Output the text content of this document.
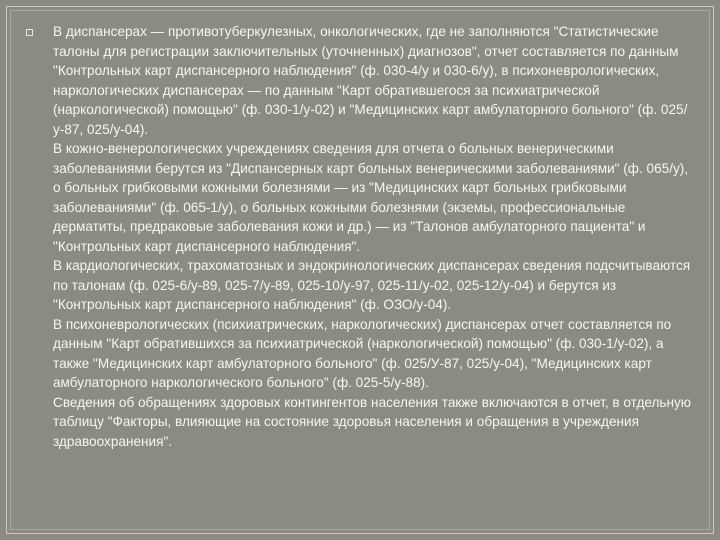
В диспансерах — противотуберкулезных, онкологических, где не заполняются "Статистические талоны для регистрации заключительных (уточненных) диагнозов", отчет составляется по данным "Контрольных карт диспансерного наблюдения" (ф. 030-4/у и 030-6/у), в психоневрологических, наркологических диспансерах — по данным "Карт обратившегося за психиатрической (наркологической) помощью" (ф. 030-1/у-02) и "Медицинских карт амбулаторного больного" (ф. 025/у-87, 025/у-04).

В кожно-венерологических учреждениях сведения для отчета о больных венерическими заболеваниями берутся из "Диспансерных карт больных венерическими заболеваниями" (ф. 065/у), о больных грибковыми кожными болезнями — из "Медицинских карт больных грибковыми заболеваниями" (ф. 065-1/у), о больных кожными болезнями (экземы, профессиональные дерматиты, предраковые заболевания кожи и др.) — из "Талонов амбулаторного пациента" и "Контрольных карт диспансерного наблюдения".

В кардиологических, трахоматозных и эндокринологических диспансерах сведения подсчитываются по талонам (ф. 025-6/у-89, 025-7/у-89, 025-10/у-97, 025-11/у-02, 025-12/у-04) и берутся из "Контрольных карт диспансерного наблюдения" (ф. ОЗО/у-04).

В психоневрологических (психиатрических, наркологических) диспансерах отчет составляется по данным "Карт обратившихся за психиатрической (наркологической) помощью" (ф. 030-1/у-02), а также "Медицинских карт амбулаторного больного" (ф. 025/У-87, 025/у-04), "Медицинских карт амбулаторного наркологического больного" (ф. 025-5/у-88).

Сведения об обращениях здоровых контингентов населения также включаются в отчет, в отдельную таблицу "Факторы, влияющие на состояние здоровья населения и обращения в учреждения здравоохранения".
